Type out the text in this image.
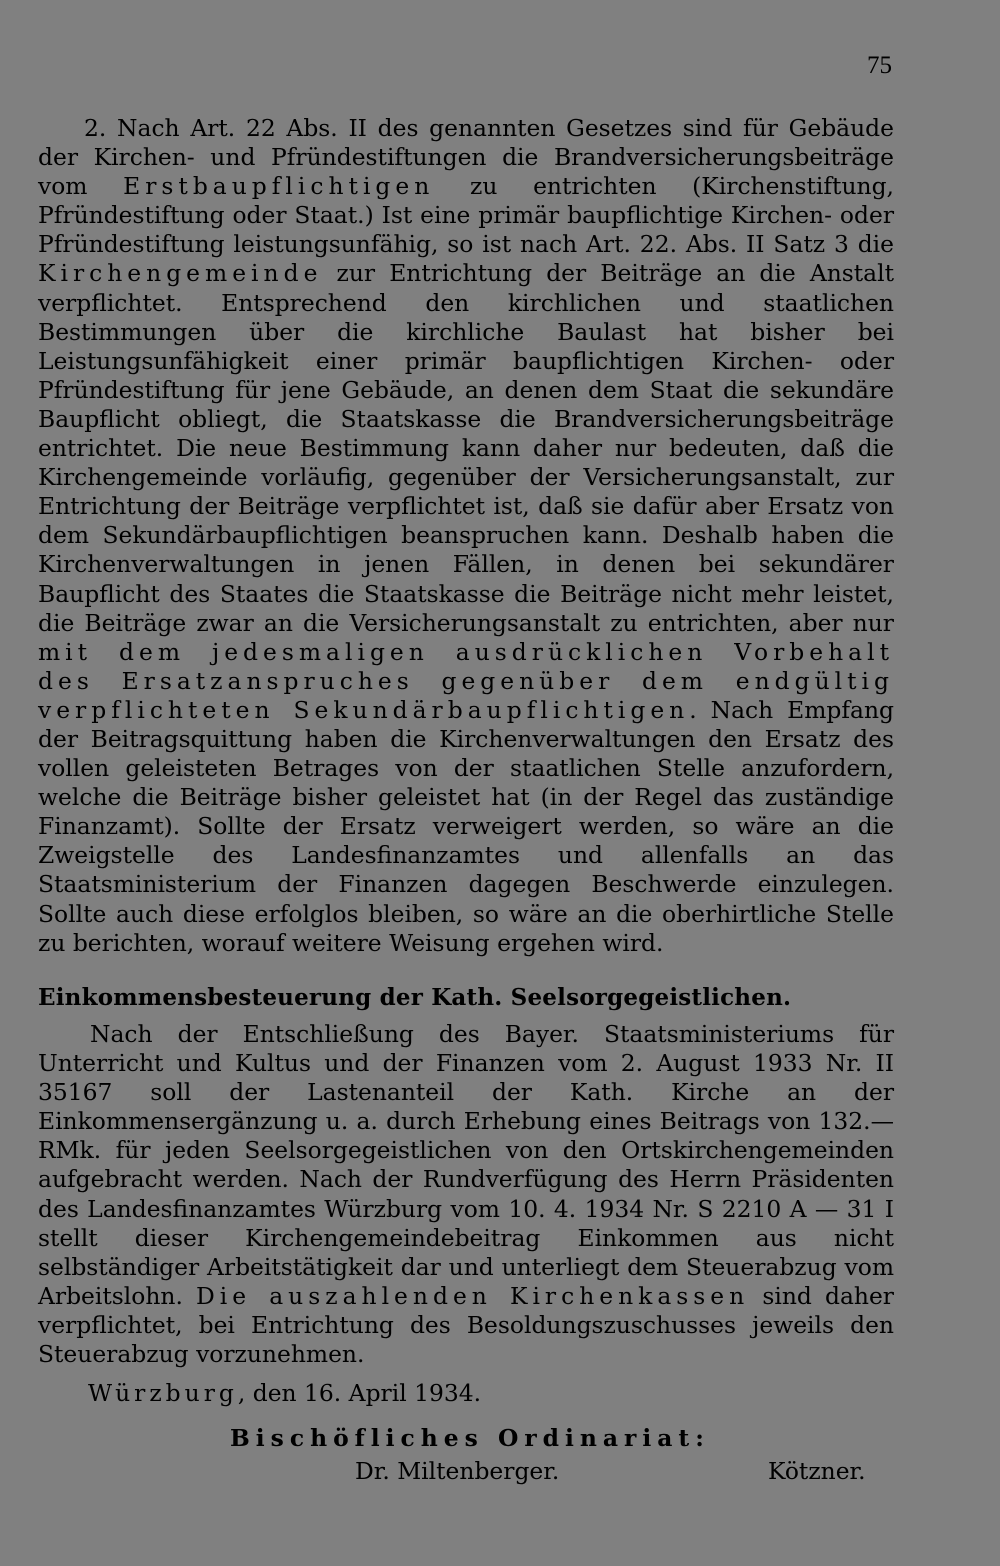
75
2. Nach Art. 22 Abs. II des genannten Gesetzes sind für Gebäude der Kirchen- und Pfründestiftungen die Brandversicherungsbeiträge vom Erstbaupflichtigen zu entrichten (Kirchenstiftung, Pfründestiftung oder Staat.) Ist eine primär baupflichtige Kirchen- oder Pfründestiftung leistungsunfähig, so ist nach Art. 22. Abs. II Satz 3 die Kirchengemeinde zur Entrichtung der Beiträge an die Anstalt verpflichtet. Entsprechend den kirchlichen und staatlichen Bestimmungen über die kirchliche Baulast hat bisher bei Leistungsunfähigkeit einer primär baupflichtigen Kirchen- oder Pfründestiftung für jene Gebäude, an denen dem Staat die sekundäre Baupflicht obliegt, die Staatskasse die Brandversicherungsbeiträge entrichtet. Die neue Bestimmung kann daher nur bedeuten, daß die Kirchengemeinde vorläufig, gegenüber der Versicherungsanstalt, zur Entrichtung der Beiträge verpflichtet ist, daß sie dafür aber Ersatz von dem Sekundärbaupflichtigen beanspruchen kann. Deshalb haben die Kirchenverwaltungen in jenen Fällen, in denen bei sekundärer Baupflicht des Staates die Staatskasse die Beiträge nicht mehr leistet, die Beiträge zwar an die Versicherungsanstalt zu entrichten, aber nur mit dem jedesmaligen ausdrücklichen Vorbehalt des Ersatzanspruches gegenüber dem endgültig verpflichteten Sekundärbaupflichtigen. Nach Empfang der Beitragsquittung haben die Kirchenverwaltungen den Ersatz des vollen geleisteten Betrages von der staatlichen Stelle anzufordern, welche die Beiträge bisher geleistet hat (in der Regel das zuständige Finanzamt). Sollte der Ersatz verweigert werden, so wäre an die Zweigstelle des Landesfinanzamtes und allenfalls an das Staatsministerium der Finanzen dagegen Beschwerde einzulegen. Sollte auch diese erfolglos bleiben, so wäre an die oberhirtliche Stelle zu berichten, worauf weitere Weisung ergehen wird.
Einkommensbesteuerung der Kath. Seelsorgegeistlichen.
Nach der Entschließung des Bayer. Staatsministeriums für Unterricht und Kultus und der Finanzen vom 2. August 1933 Nr. II 35167 soll der Lastenanteil der Kath. Kirche an der Einkommensergänzung u. a. durch Erhebung eines Beitrags von 132.— RMk. für jeden Seelsorgegeistlichen von den Ortskirchengemeinden aufgebracht werden. Nach der Rundverfügung des Herrn Präsidenten des Landesfinanzamtes Würzburg vom 10. 4. 1934 Nr. S 2210 A — 31 I stellt dieser Kirchengemeindebeitrag Einkommen aus nicht selbständiger Arbeitstätigkeit dar und unterliegt dem Steuerabzug vom Arbeitslohn. Die auszahlenden Kirchenkassen sind daher verpflichtet, bei Entrichtung des Besoldungszuschusses jeweils den Steuerabzug vorzunehmen.
Würzburg, den 16. April 1934.
Bischöfliches Ordinariat:
Dr. Miltenberger.	Kötzner.
